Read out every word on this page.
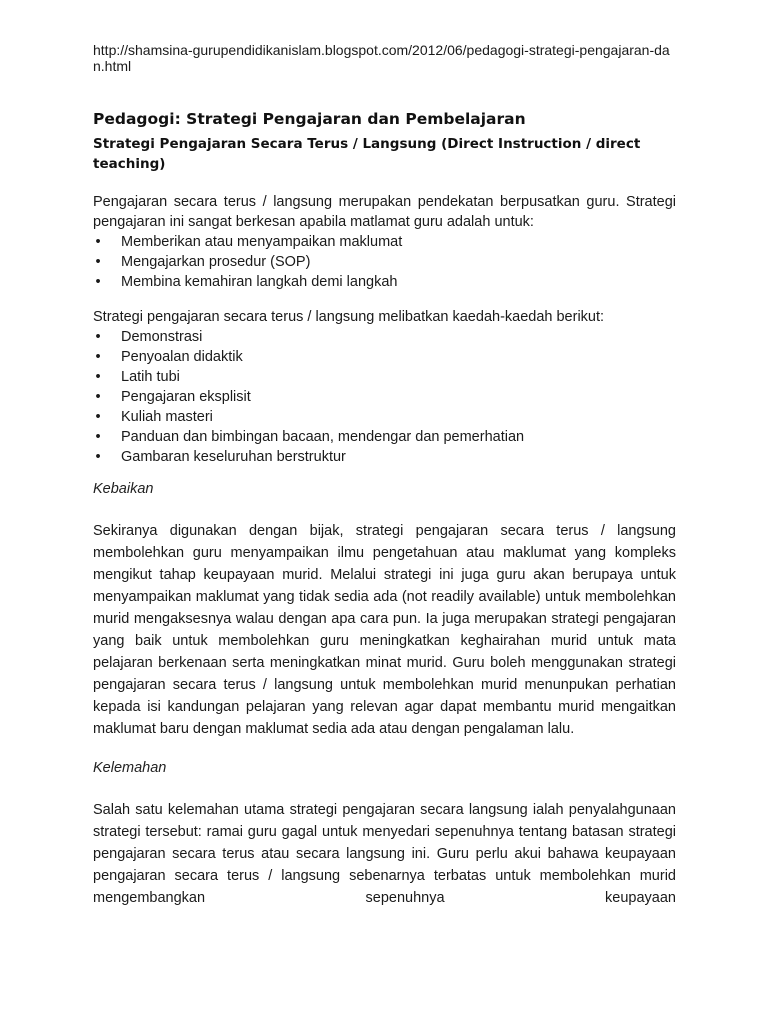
http://shamsina-gurupendidikanislam.blogspot.com/2012/06/pedagogi-strategi-pengajaran-dan.html

Pedagogi: Strategi Pengajaran dan Pembelajaran
Strategi Pengajaran Secara Terus / Langsung (Direct Instruction / direct teaching)

Pengajaran secara terus / langsung merupakan pendekatan berpusatkan guru. Strategi pengajaran ini sangat berkesan apabila matlamat guru adalah untuk:

• Memberikan atau menyampaikan maklumat
• Mengajarkan prosedur (SOP)
• Membina kemahiran langkah demi langkah

Strategi pengajaran secara terus / langsung melibatkan kaedah-kaedah berikut:

• Demonstrasi
• Penyoalan didaktik
• Latih tubi
• Pengajaran eksplisit
• Kuliah masteri
• Panduan dan bimbingan bacaan, mendengar dan pemerhatian
• Gambaran keseluruhan berstruktur

Kebaikan

Sekiranya digunakan dengan bijak, strategi pengajaran secara terus / langsung membolehkan guru menyampaikan ilmu pengetahuan atau maklumat yang kompleks mengikut tahap keupayaan murid. Melalui strategi ini juga guru akan berupaya untuk menyampaikan maklumat yang tidak sedia ada (not readily available) untuk membolehkan murid mengaksesnya walau dengan apa cara pun. Ia juga merupakan strategi pengajaran yang baik untuk membolehkan guru meningkatkan keghairahan murid untuk mata pelajaran berkenaan serta meningkatkan minat murid. Guru boleh menggunakan strategi pengajaran secara terus / langsung untuk membolehkan murid menunpukan perhatian kepada isi kandungan pelajaran yang relevan agar dapat membantu murid mengaitkan maklumat baru dengan maklumat sedia ada atau dengan pengalaman lalu.

Kelemahan

Salah satu kelemahan utama strategi pengajaran secara langsung ialah penyalahgunaan strategi tersebut: ramai guru gagal untuk menyedari sepenuhnya tentang batasan strategi pengajaran secara terus atau secara langsung ini. Guru perlu akui bahawa keupayaan pengajaran secara terus / langsung sebenarnya terbatas untuk membolehkan murid mengembangkan sepenuhnya keupayaan
